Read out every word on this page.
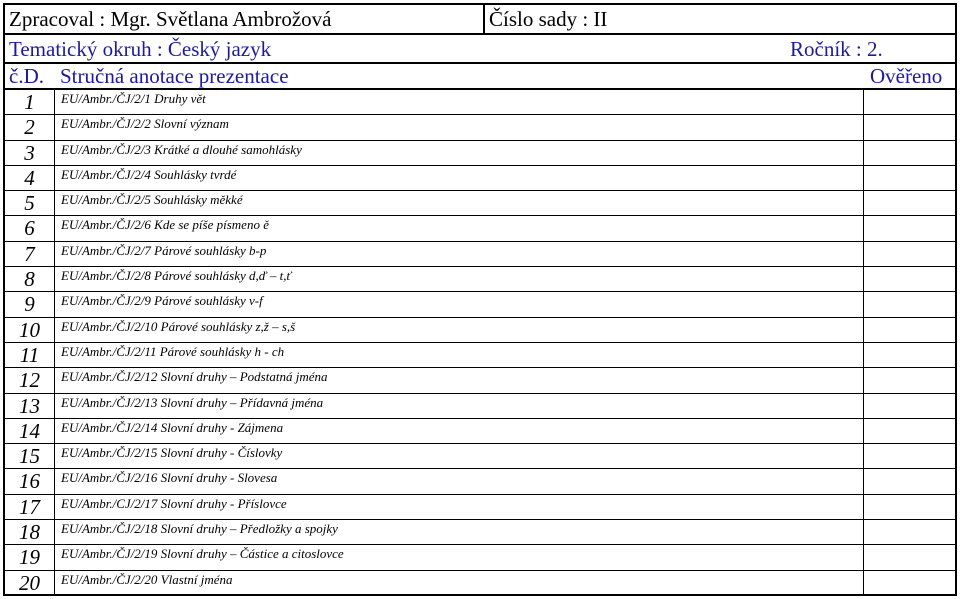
Zpracoval : Mgr. Světlana Ambrožová	Číslo sady : II
Tematický okruh : Český jazyk	Ročník : 2.
č.D. Stručná anotace prezentace	Ověřeno
1	EU/Ambr./ČJ/2/1 Druhy vět
2	EU/Ambr./ČJ/2/2 Slovní význam
3	EU/Ambr./ČJ/2/3 Krátké a dlouhé samohlásky
4	EU/Ambr./ČJ/2/4 Souhlásky tvrdé
5	EU/Ambr./ČJ/2/5 Souhlásky měkké
6	EU/Ambr./ČJ/2/6 Kde se píše písmeno ě
7	EU/Ambr./ČJ/2/7 Párové souhlásky b-p
8	EU/Ambr./ČJ/2/8 Párové souhlásky d,ď – t,ť
9	EU/Ambr./ČJ/2/9 Párové souhlásky v-f
10	EU/Ambr./ČJ/2/10 Párové souhlásky z,ž – s,š
11	EU/Ambr./ČJ/2/11 Párové souhlásky h - ch
12	EU/Ambr./ČJ/2/12 Slovní druhy – Podstatná jména
13	EU/Ambr./ČJ/2/13 Slovní druhy – Přídavná jména
14	EU/Ambr./ČJ/2/14 Slovní druhy - Zájmena
15	EU/Ambr./ČJ/2/15 Slovní druhy - Číslovky
16	EU/Ambr./ČJ/2/16 Slovní druhy - Slovesa
17	EU/Ambr./CJ/2/17 Slovní druhy - Příslovce
18	EU/Ambr./ČJ/2/18 Slovní druhy – Předložky a spojky
19	EU/Ambr./ČJ/2/19 Slovní druhy – Částice a citoslovce
20	EU/Ambr./ČJ/2/20 Vlastní jména
